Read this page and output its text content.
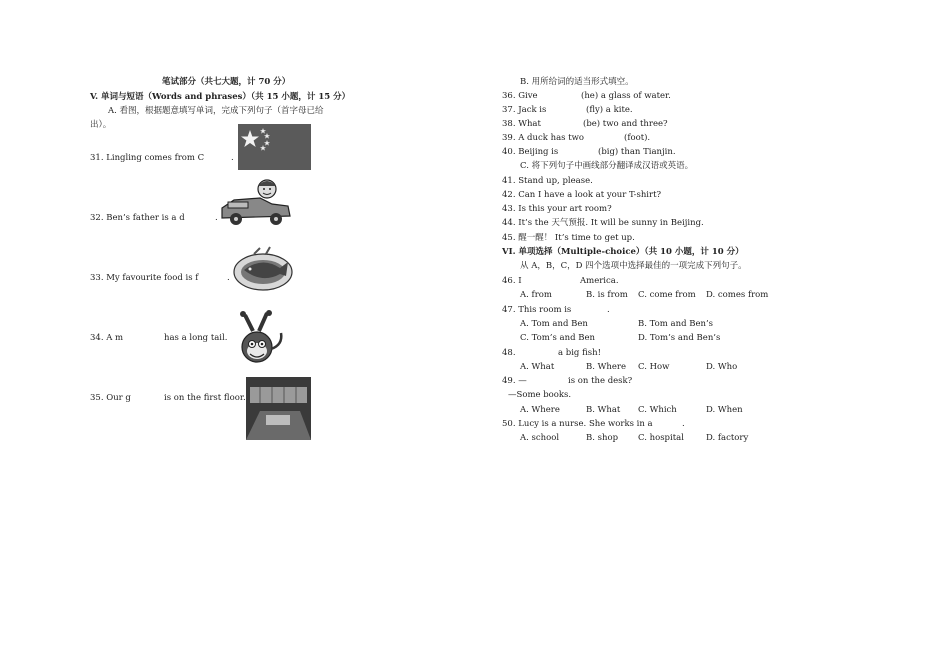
笔试部分（共七大题，计 70 分）
V. 单词与短语（Words and phrases）（共 15 小题，计 15 分）
A. 看图，根据题意填写单词，完成下列句子（首字母已给
出）。
31. Lingling comes from C	.
32. Ben’s father is a d	.
33. My favourite food is f	.
34. A m	has a long tail.
35. Our g	is on the first floor.
B. 用所给词的适当形式填空。
36. Give	(he) a glass of water.
37. Jack is	(fly) a kite.
38. What	(be) two and three?
39. A duck has two	(foot).
40. Beijing is	(big) than Tianjin.
C. 将下列句子中画线部分翻译成汉语或英语。
41. Stand up, please.
42. Can I have a look at your T-shirt?
43. Is this your art room?
44. It’s the 天气预报. It will be sunny in Beijing.
45. 醒一醒！ It’s time to get up.
VI. 单项选择（Multiple-choice）（共 10 小题，计 10 分）
从 A，B，C，D 四个选项中选择最佳的一项完成下列句子。
46. I	America.
A. from	B. is from C. come from D. comes from
47. This room is	.
A. Tom and Ben	B. Tom and Ben’s
C. Tom’s and Ben	D. Tom’s and Ben’s
48.	a big fish!
A. What	B. Where C. How	D. Who
49. —	is on the desk?
—Some books.
A. Where	B. What C. Which	D. When
50. Lucy is a nurse. She works in a	.
A. school	B. shop C. hospital	D. factory
